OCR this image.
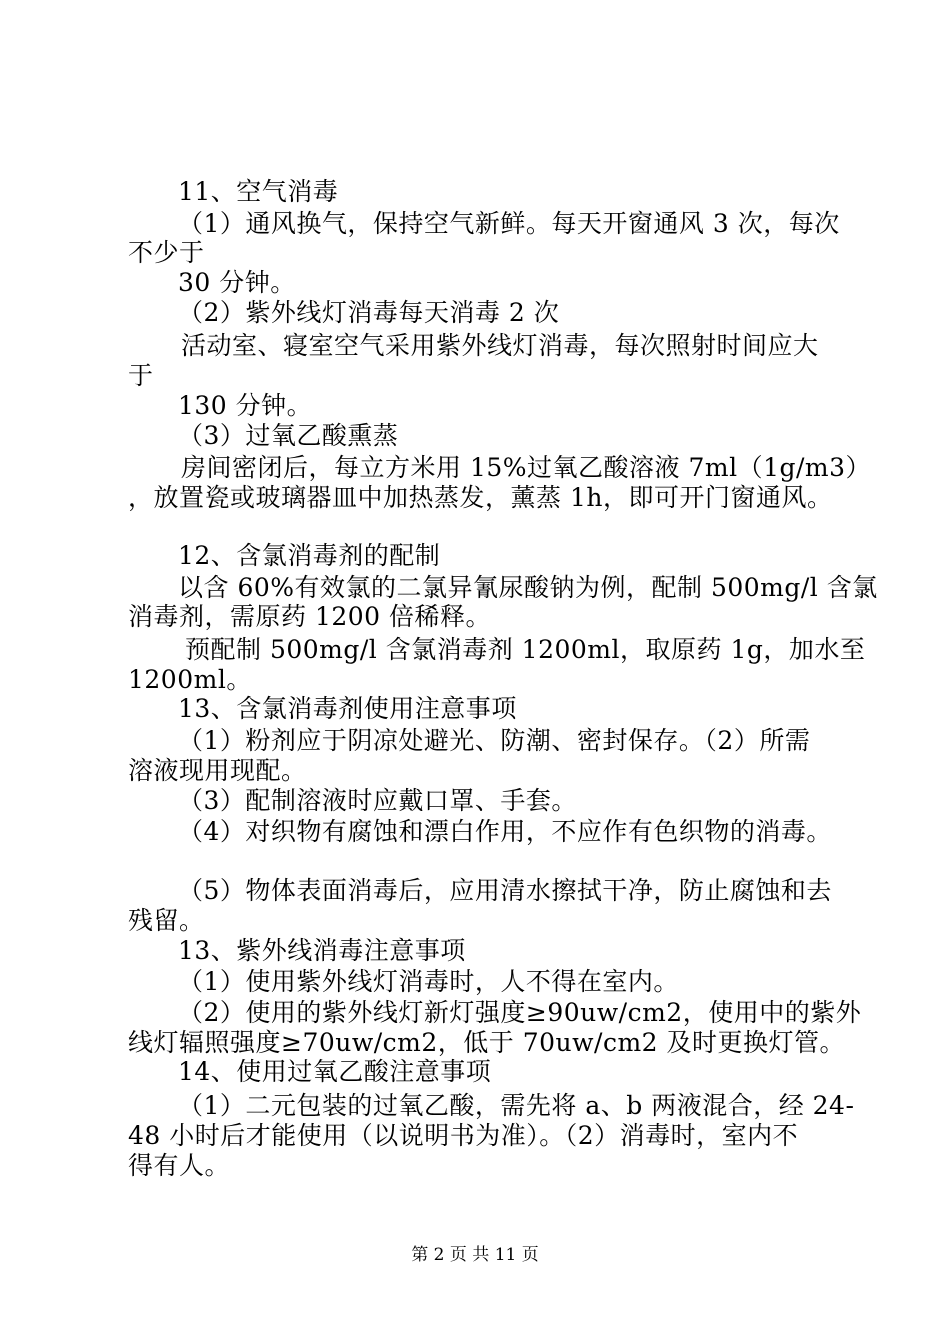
11、空气消毒
（1）通风换气，保持空气新鲜。每天开窗通风 3 次，每次
不少于
30 分钟。
（2）紫外线灯消毒每天消毒 2 次
活动室、寝室空气采用紫外线灯消毒，每次照射时间应大
于
130 分钟。
（3）过氧乙酸熏蒸
房间密闭后，每立方米用 15%过氧乙酸溶液 7ml（1g/m3）
，放置瓷或玻璃器皿中加热蒸发，薰蒸 1h，即可开门窗通风。
12、含氯消毒剂的配制
以含 60%有效氯的二氯异氰尿酸钠为例，配制 500mg/l 含氯
消毒剂，需原药 1200 倍稀释。
预配制 500mg/l 含氯消毒剂 1200ml，取原药 1g，加水至
1200ml。
13、含氯消毒剂使用注意事项
（1）粉剂应于阴凉处避光、防潮、密封保存。（2）所需
溶液现用现配。
（3）配制溶液时应戴口罩、手套。
（4）对织物有腐蚀和漂白作用，不应作有色织物的消毒。
（5）物体表面消毒后，应用清水擦拭干净，防止腐蚀和去
残留。
13、紫外线消毒注意事项
（1）使用紫外线灯消毒时，人不得在室内。
（2）使用的紫外线灯新灯强度≥90uw/cm2，使用中的紫外
线灯辐照强度≥70uw/cm2，低于 70uw/cm2 及时更换灯管。
14、使用过氧乙酸注意事项
（1）二元包装的过氧乙酸，需先将 a、b 两液混合，经 24-
48 小时后才能使用（以说明书为准）。（2）消毒时，室内不
得有人。
第 2 页 共 11 页
